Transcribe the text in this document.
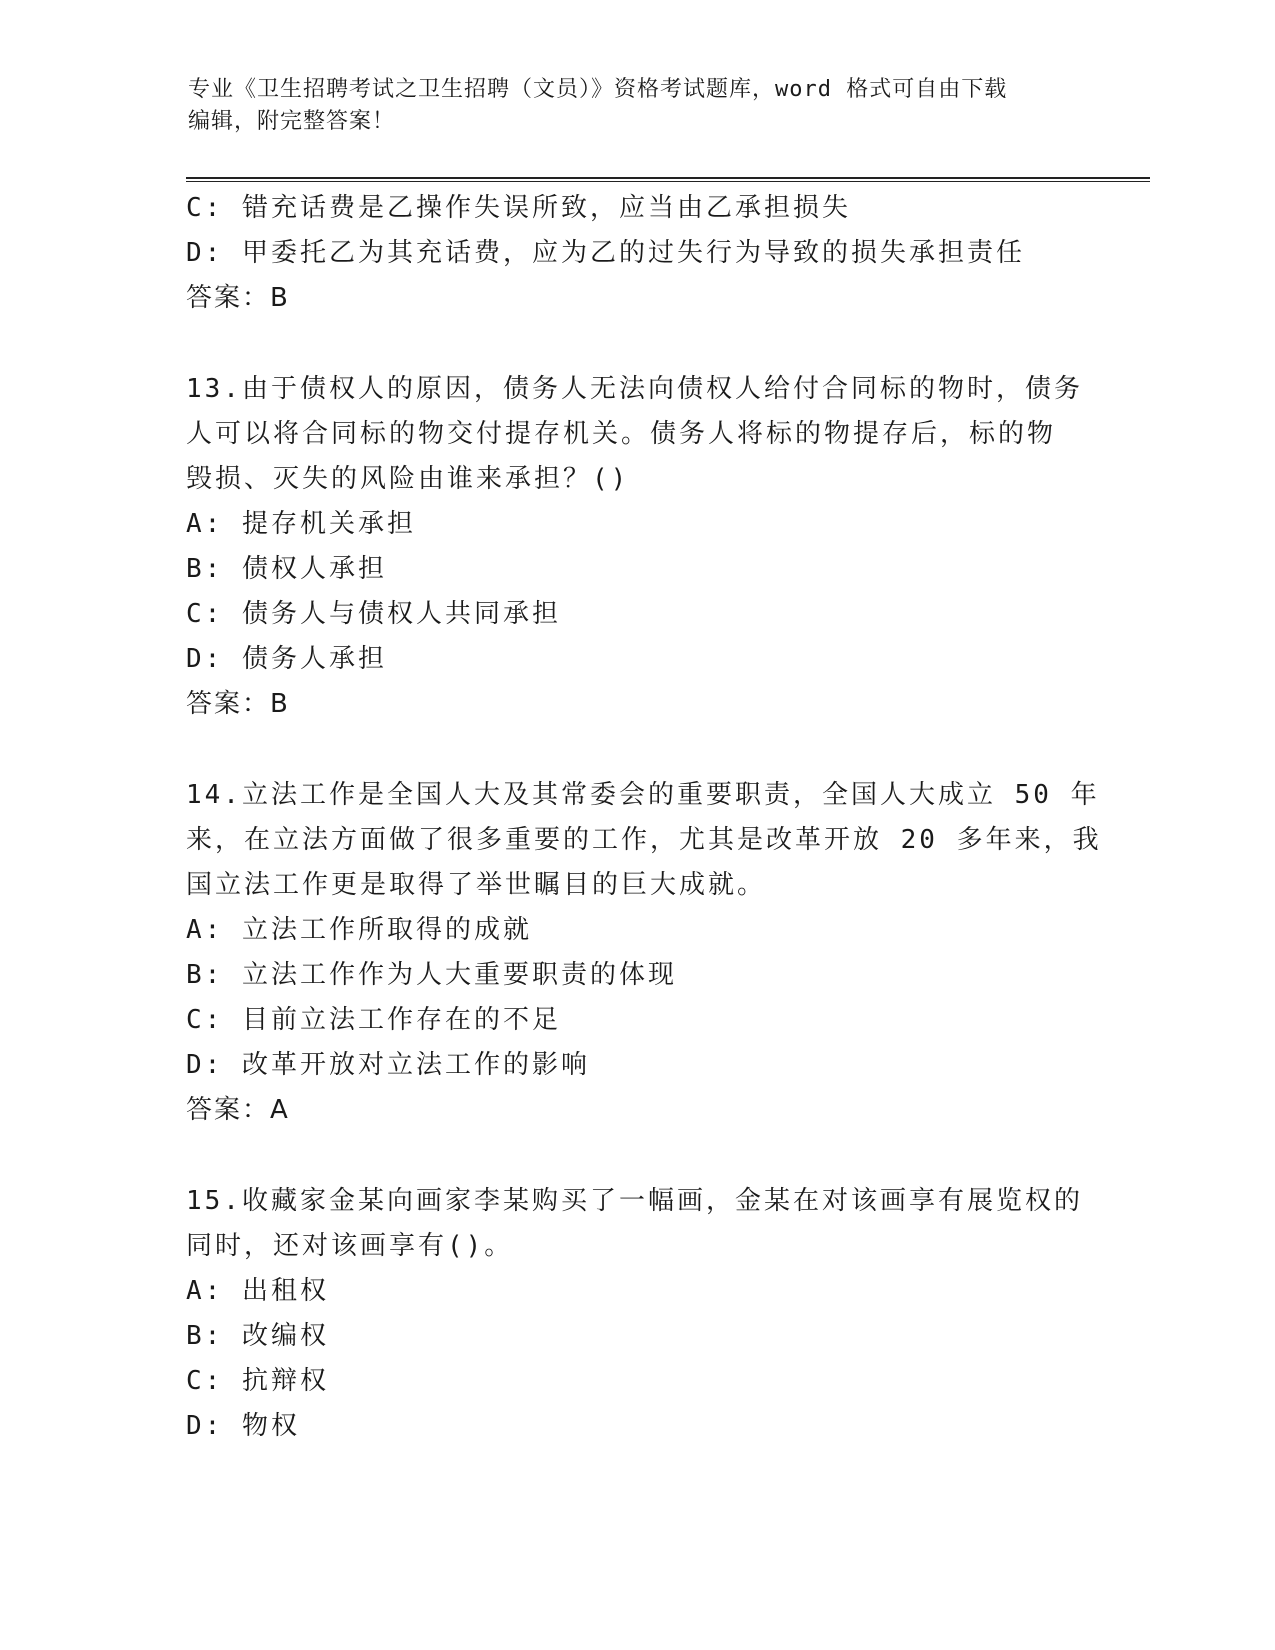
专业《卫生招聘考试之卫生招聘（文员）》资格考试题库，word 格式可自由下载
编辑，附完整答案！
C: 错充话费是乙操作失误所致，应当由乙承担损失
D: 甲委托乙为其充话费，应为乙的过失行为导致的损失承担责任
答案：B
13.由于债权人的原因，债务人无法向债权人给付合同标的物时，债务
人可以将合同标的物交付提存机关。债务人将标的物提存后，标的物
毁损、灭失的风险由谁来承担？()
A: 提存机关承担
B: 债权人承担
C: 债务人与债权人共同承担
D: 债务人承担
答案：B
14.立法工作是全国人大及其常委会的重要职责，全国人大成立 50 年
来，在立法方面做了很多重要的工作，尤其是改革开放 20 多年来，我
国立法工作更是取得了举世瞩目的巨大成就。
A: 立法工作所取得的成就
B: 立法工作作为人大重要职责的体现
C: 目前立法工作存在的不足
D: 改革开放对立法工作的影响
答案：A
15.收藏家金某向画家李某购买了一幅画，金某在对该画享有展览权的
同时，还对该画享有()。
A: 出租权
B: 改编权
C: 抗辩权
D: 物权
